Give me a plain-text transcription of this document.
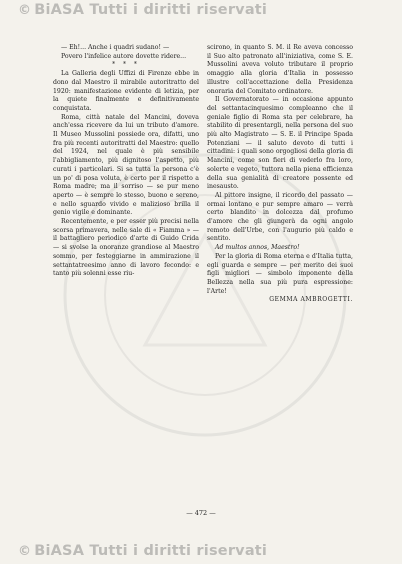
© BiASA Tutti i diritti riservati

— Eh!... Anche i quadri sudano! —

Povero l'infelice autore dovette ridere...

* * *

La Galleria degli Uffizi di Firenze ebbe in dono dal Maestro il mirabile autoritratto del 1920: manifestazione evidente di letizia, per la quiete finalmente e definitivamente conquistata.

Roma, città natale del Mancini, doveva anch'essa ricevere da lui un tributo d'amore. Il Museo Mussolini possiede ora, difatti, uno fra più recenti autoritratti del Maestro: quello del 1924, nel quale è più sensibile l'abbigliamento, più dignitoso l'aspetto, più curati i particolari. Si sa tutta la persona c'è un po' di posa voluta, è certo per il rispetto a Roma madre; ma il sorriso — se pur meno aperto — è sempre lo stesso, buono e sereno, e nello sguardo vivido e malizioso brilla il genio vigile e dominante.

Recentemente, e per esser più precisi nella scorsa primavera, nelle sale di « Fiamma » — il battagliero periodico d'arte di Guido Crida — si svolse la onoranze grandiose al Maestro sommo, per festeggiarne in ammirazione il settantatreesimo anno di lavoro fecondo: e tanto più solenni esse riu-

scirono, in quanto S. M. il Re aveva concesso il Suo alto patronato all'iniziativa, come S. E. Mussolini aveva voluto tributare il proprio omaggio alla gloria d'Italia in possesso illustre coll'accettazione della Presidenza onoraria del Comitato ordinatore.

Il Governatorato — in occasione appunto del settantacinquesimo compleanno che il geniale figlio di Roma sta per celebrare, ha stabilito di presentargli, nella persona del suo più alto Magistrato — S. E. il Principe Spada Potenziani — il saluto devoto di tutti i cittadini: i quali sono orgogliosi della gloria di Mancini, come son fieri di vederlo fra loro, solerte e vegeto, tuttora nella piena efficienza della sua genialità di creatore possente ed inesausto.

Al pittore insigne, il ricordo del passato — ormai lontano e pur sempre amaro — verrà certo blandito in dolcezza dal profumo d'amore che gli giungerà da ogni angolo remoto dell'Urbe, con l'augurio più caldo e sentito.

Ad multos annos, Maestro!

Per la gloria di Roma eterna e d'Italia tutta, egli guarda e sempre — per merito dei suoi figli migliori — simbolo imponente della Bellezza nella sua più pura espressione: l'Arte!

GEMMA AMBROGETTI.

— 472 —
© BiASA Tutti i diritti riservati
